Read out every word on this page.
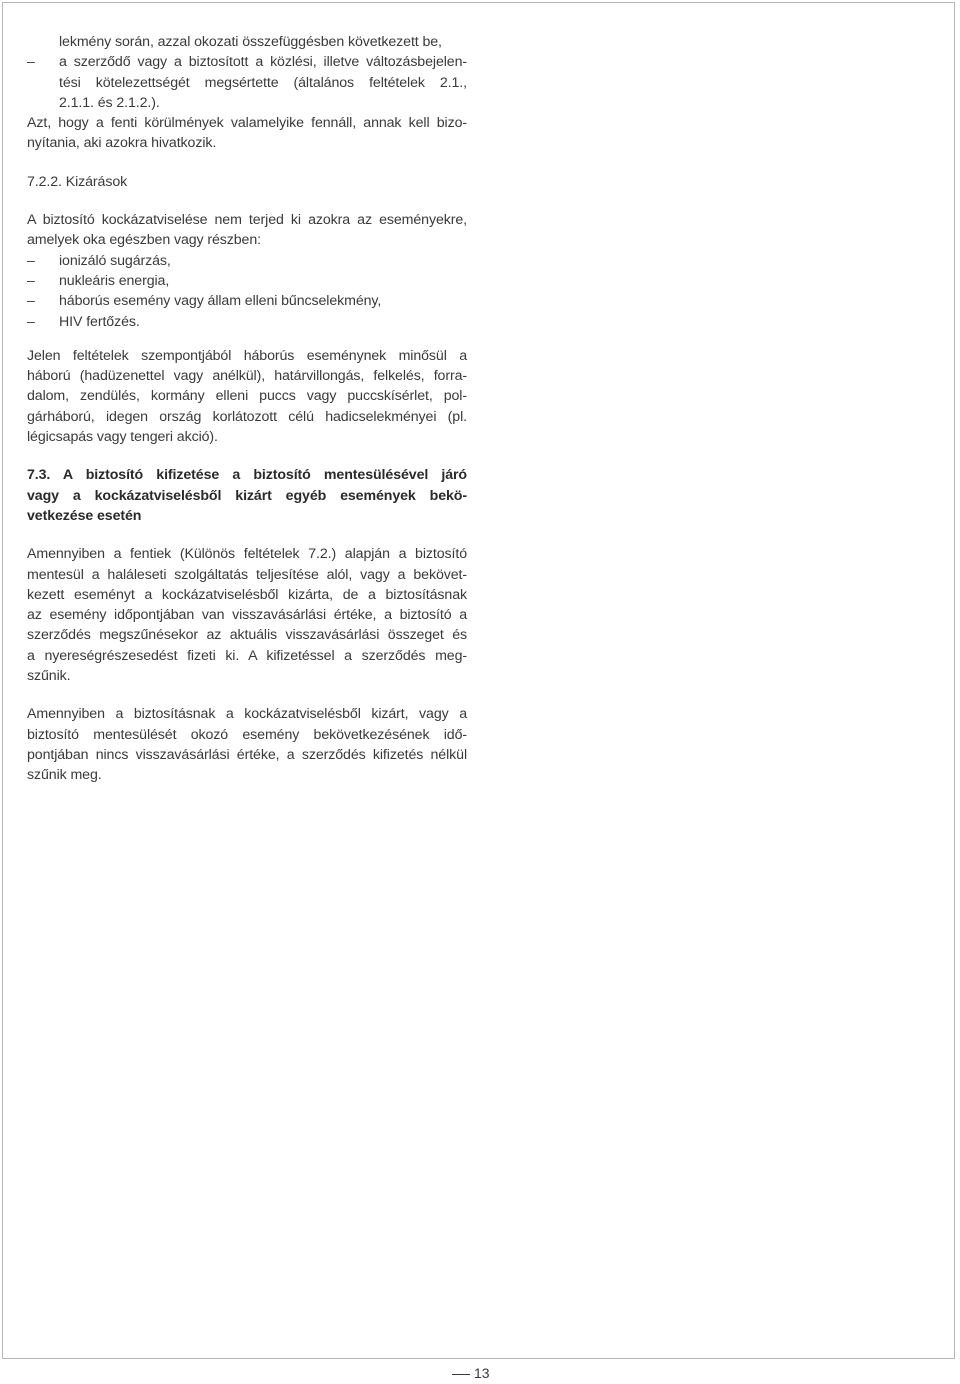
lekmény során, azzal okozati összefüggésben következett be,
– a szerződő vagy a biztosított a közlési, illetve változásbejelen-
tési kötelezettségét megsértette (általános feltételek 2.1.,
2.1.1. és 2.1.2.).
Azt, hogy a fenti körülmények valamelyike fennáll, annak kell bizo-
nyítania, aki azokra hivatkozik.
7.2.2. Kizárások
A biztosító kockázatviselése nem terjed ki azokra az eseményekre,
amelyek oka egészben vagy részben:
– ionizáló sugárzás,
– nukleáris energia,
– háborús esemény vagy állam elleni bűncselekmény,
– HIV fertőzés.
Jelen feltételek szempontjából háborús eseménynek minősül a
háború (hadüzenettel vagy anélkül), határvillongás, felkelés, forra-
dalom, zendülés, kormány elleni puccs vagy puccskísérlet, pol-
gárháború, idegen ország korlátozott célú hadicselekményei (pl.
légicsapás vagy tengeri akció).
7.3. A biztosító kifizetése a biztosító mentesülésével járó
vagy a kockázatviselésből kizárt egyéb események bekö-
vetkezése esetén
Amennyiben a fentiek (Különös feltételek 7.2.) alapján a biztosító
mentesül a haláleseti szolgáltatás teljesítése alól, vagy a bekövet-
kezett eseményt a kockázatviselésből kizárta, de a biztosításnak
az esemény időpontjában van visszavásárlási értéke, a biztosító a
szerződés megszűnésekor az aktuális visszavásárlási összeget és
a nyereségrészesedést fizeti ki. A kifizetéssel a szerződés meg-
szűnik.
Amennyiben a biztosításnak a kockázatviselésből kizárt, vagy a
biztosító mentesülését okozó esemény bekövetkezésének idő-
pontjában nincs visszavásárlási értéke, a szerződés kifizetés nélkül
szűnik meg.
13
